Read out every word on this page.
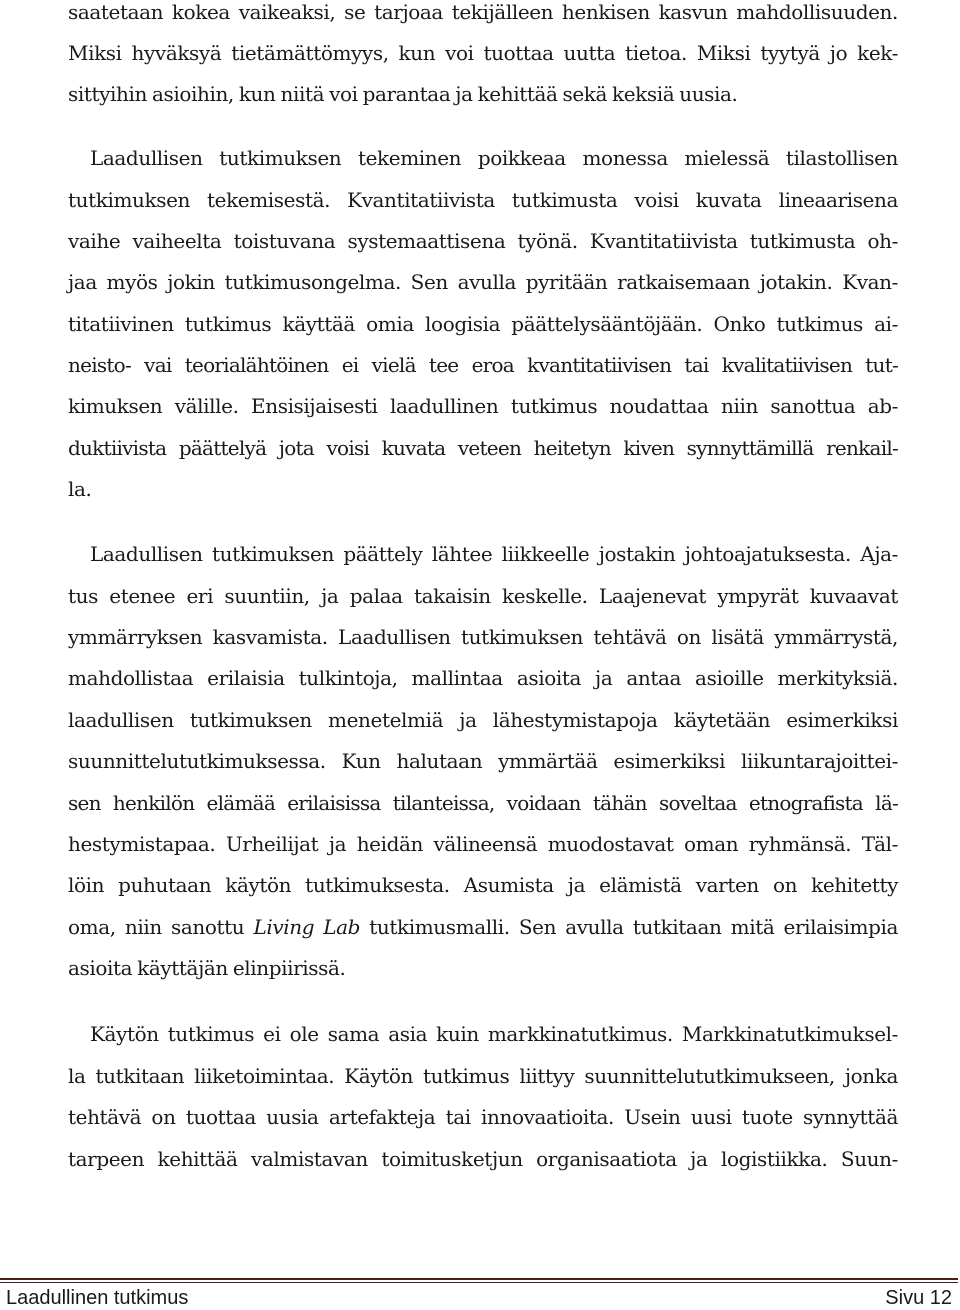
saatetaan kokea vaikeaksi, se tarjoaa tekijälleen henkisen kasvun mahdollisuuden.
Miksi hyväksyä tietämättömyys, kun voi tuottaa uutta tietoa. Miksi tyytyä jo kek-
sittyihin asioihin, kun niitä voi parantaa ja kehittää sekä keksiä uusia.
Laadullisen tutkimuksen tekeminen poikkeaa monessa mielessä tilastollisen
tutkimuksen tekemisestä. Kvantitatiivista tutkimusta voisi kuvata lineaarisena
vaihe vaiheelta toistuvana systemaattisena työnä. Kvantitatiivista tutkimusta oh-
jaa myös jokin tutkimusongelma. Sen avulla pyritään ratkaisemaan jotakin. Kvan-
titatiivinen tutkimus käyttää omia loogisia päättelysääntöjään. Onko tutkimus ai-
neisto- vai teorialähtöinen ei vielä tee eroa kvantitatiivisen tai kvalitatiivisen tut-
kimuksen välille. Ensisijaisesti laadullinen tutkimus noudattaa niin sanottua ab-
duktiivista päättelyä jota voisi kuvata veteen heitetyn kiven synnyttämillä renkail-
la.
Laadullisen tutkimuksen päättely lähtee liikkeelle jostakin johtoajatuksesta. Aja-
tus etenee eri suuntiin, ja palaa takaisin keskelle. Laajenevat ympyrät kuvaavat
ymmärryksen kasvamista. Laadullisen tutkimuksen tehtävä on lisätä ymmärrystä,
mahdollistaa erilaisia tulkintoja, mallintaa asioita ja antaa asioille merkityksiä.
laadullisen tutkimuksen menetelmiä ja lähestymistapoja käytetään esimerkiksi
suunnittelututkimuksessa. Kun halutaan ymmärtää esimerkiksi liikuntarajoittei-
sen henkilön elämää erilaisissa tilanteissa, voidaan tähän soveltaa etnografista lä-
hestymistapaa. Urheilijat ja heidän välineensä muodostavat oman ryhmänsä. Täl-
löin puhutaan käytön tutkimuksesta. Asumista ja elämistä varten on kehitetty
oma, niin sanottu Living Lab tutkimusmalli. Sen avulla tutkitaan mitä erilaisimpia
asioita käyttäjän elinpiirissä.
Käytön tutkimus ei ole sama asia kuin markkinatutkimus. Markkinatutkimuksel-
la tutkitaan liiketoimintaa. Käytön tutkimus liittyy suunnittelututkimukseen, jonka
tehtävä on tuottaa uusia artefakteja tai innovaatioita. Usein uusi tuote synnyttää
tarpeen kehittää valmistavan toimitusketjun organisaatiota ja logistiikka. Suun-
Laadullinen tutkimus	Sivu 12
